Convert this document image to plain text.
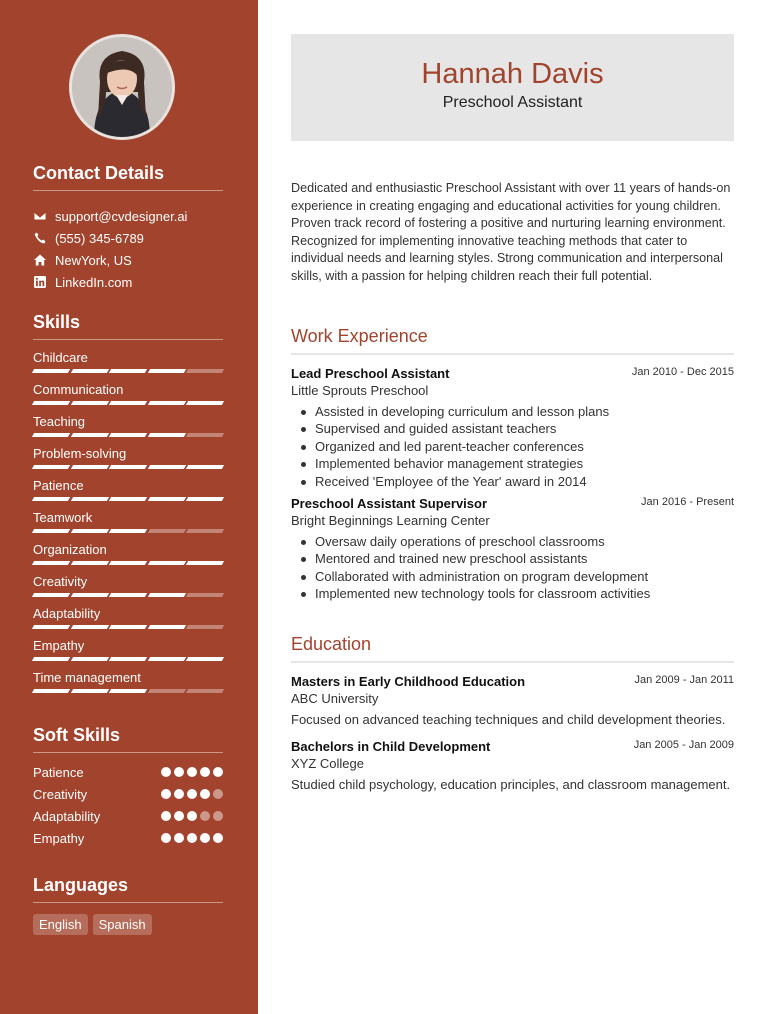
Contact Details
support@cvdesigner.ai
(555) 345-6789
NewYork, US
LinkedIn.com
Skills
Childcare
Communication
Teaching
Problem-solving
Patience
Teamwork
Organization
Creativity
Adaptability
Empathy
Time management
Soft Skills
Patience
Creativity
Adaptability
Empathy
Languages
English	Spanish
Hannah Davis
Preschool Assistant

Dedicated and enthusiastic Preschool Assistant with over 11 years of hands-on experience in creating engaging and educational activities for young children. Proven track record of fostering a positive and nurturing learning environment. Recognized for implementing innovative teaching methods that cater to individual needs and learning styles. Strong communication and interpersonal skills, with a passion for helping children reach their full potential.

Work Experience
Lead Preschool Assistant	Jan 2010 - Dec 2015
Little Sprouts Preschool
Assisted in developing curriculum and lesson plans
Supervised and guided assistant teachers
Organized and led parent-teacher conferences
Implemented behavior management strategies
Received 'Employee of the Year' award in 2014
Preschool Assistant Supervisor	Jan 2016 - Present
Bright Beginnings Learning Center
Oversaw daily operations of preschool classrooms
Mentored and trained new preschool assistants
Collaborated with administration on program development
Implemented new technology tools for classroom activities
Education
Masters in Early Childhood Education	Jan 2009 - Jan 2011
ABC University
Focused on advanced teaching techniques and child development theories.
Bachelors in Child Development	Jan 2005 - Jan 2009
XYZ College
Studied child psychology, education principles, and classroom management.
